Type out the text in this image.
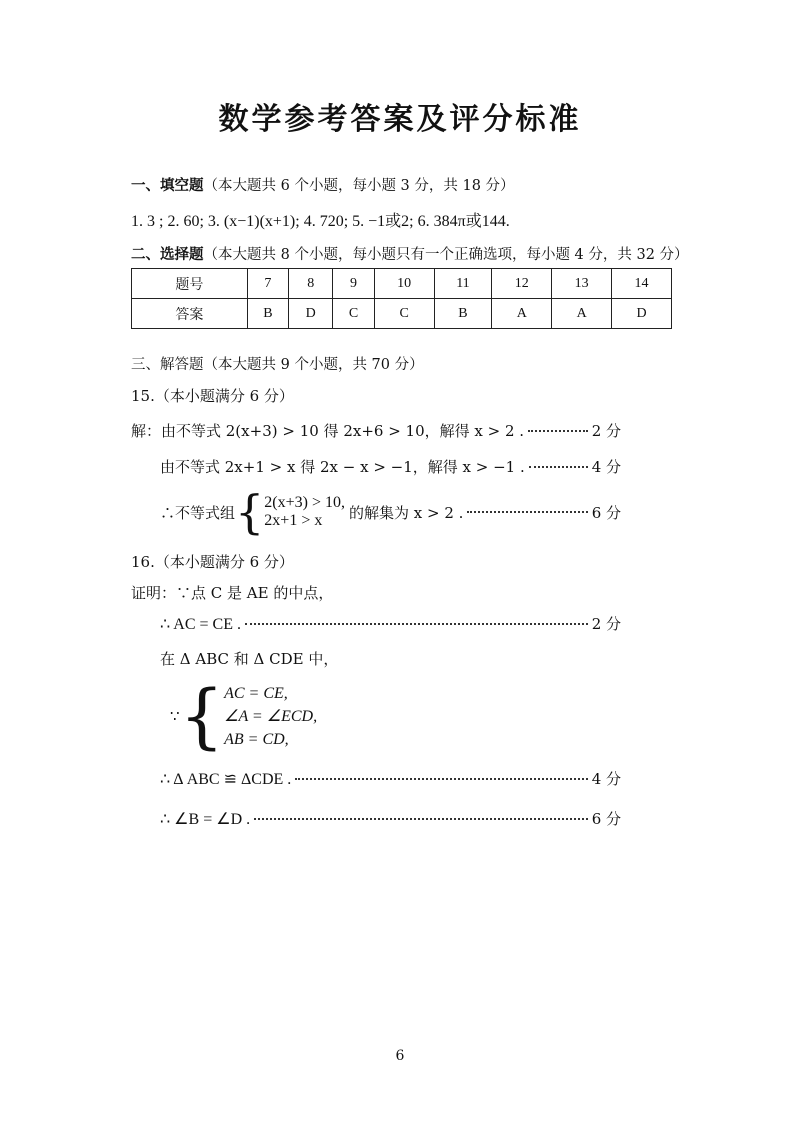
数学参考答案及评分标准
一、填空题（本大题共 6 个小题，每小题 3 分，共 18 分）
1. 3 ; 2. 60; 3. (x−1)(x+1); 4. 720; 5. −1或2; 6. 384π或144.
二、选择题（本大题共 8 个小题，每小题只有一个正确选项，每小题 4 分，共 32 分）
题号	7	8	9	10	11	12	13	14
答案	B	D	C	C	B	A	A	D
三、解答题（本大题共 9 个小题，共 70 分）
15.（本小题满分 6 分）
解：由不等式 2(x+3) > 10 得 2x+6 > 10，解得 x > 2 .	2 分
由不等式 2x+1 > x 得 2x − x > −1，解得 x > −1 .	4 分
∴不等式组 { 2(x+3) > 10,
2x+1 > x	的解集为 x > 2 .	6 分
16.（本小题满分 6 分）
证明：∵点 C 是 AE 的中点，
∴ AC = CE .	2 分
在 Δ ABC 和 Δ CDE 中，
∵ { AC = CE,
∠A = ∠ECD,
AB = CD,
∴ Δ ABC ≌ ΔCDE .	4 分
∴ ∠B = ∠D .	6 分
6
